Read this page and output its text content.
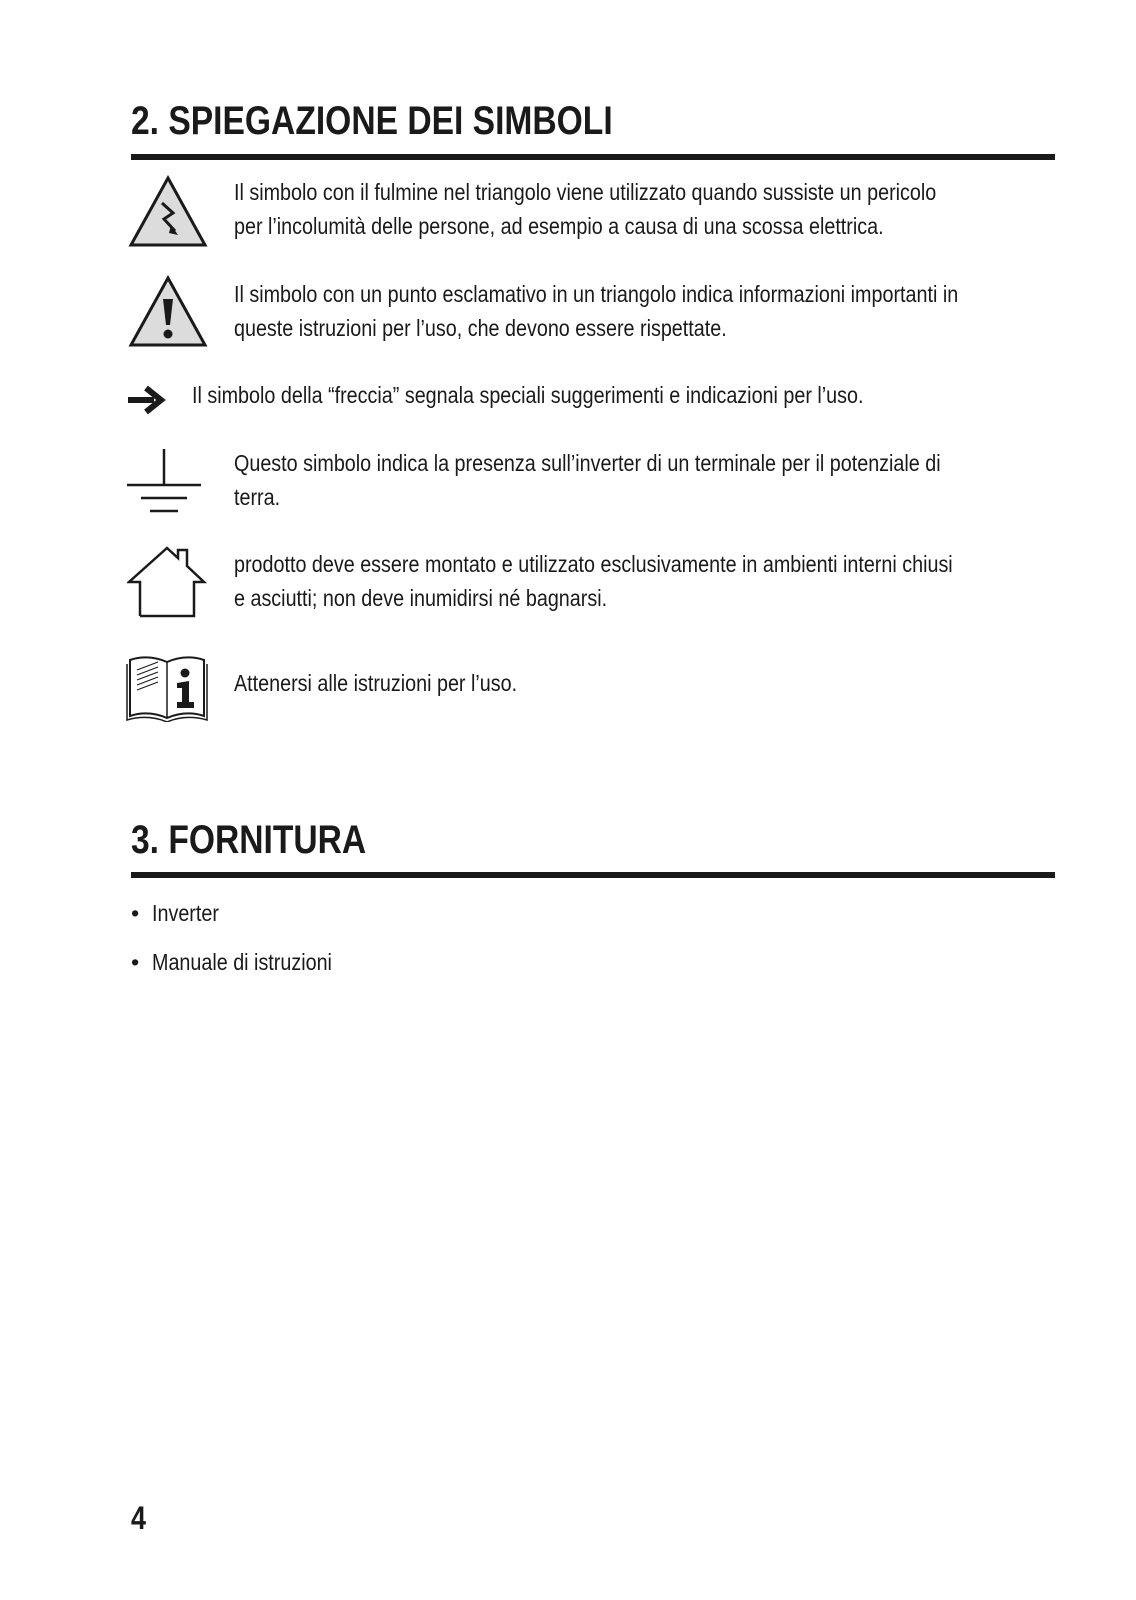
2. SPIEGAZIONE DEI SIMBOLI
Il simbolo con il fulmine nel triangolo viene utilizzato quando sussiste un pericolo
per l’incolumità delle persone, ad esempio a causa di una scossa elettrica.
Il simbolo con un punto esclamativo in un triangolo indica informazioni importanti in
queste istruzioni per l’uso, che devono essere rispettate.
Il simbolo della “freccia” segnala speciali suggerimenti e indicazioni per l’uso.
Questo simbolo indica la presenza sull’inverter di un terminale per il potenziale di
terra.
prodotto deve essere montato e utilizzato esclusivamente in ambienti interni chiusi
e asciutti; non deve inumidirsi né bagnarsi.
Attenersi alle istruzioni per l’uso.
3. FORNITURA
• Inverter
• Manuale di istruzioni
4
